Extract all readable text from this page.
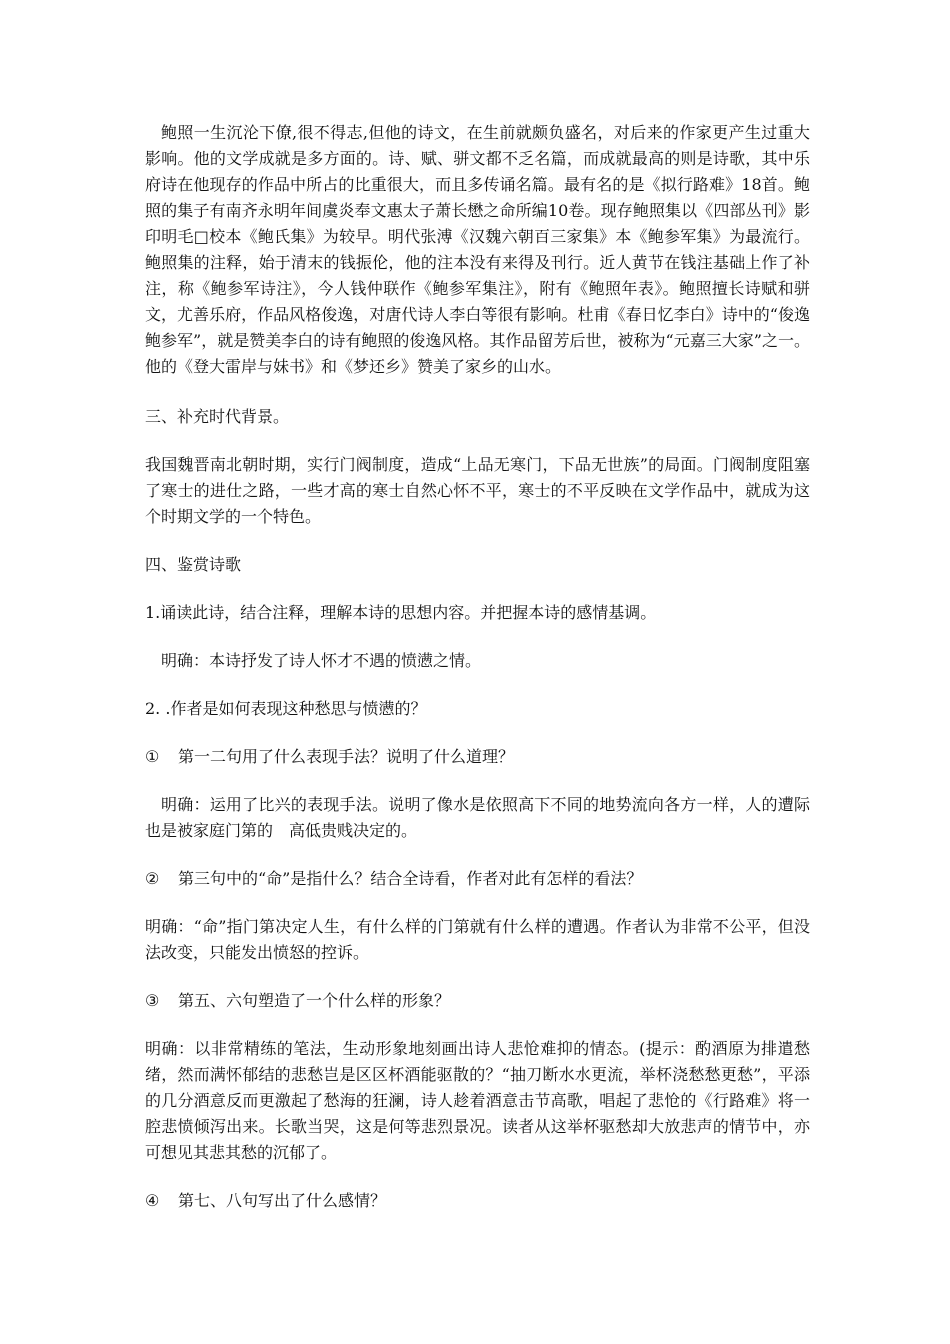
鲍照一生沉沦下僚,很不得志,但他的诗文，在生前就颇负盛名，对后来的作家更产生过重大影响。他的文学成就是多方面的。诗、赋、骈文都不乏名篇，而成就最高的则是诗歌，其中乐府诗在他现存的作品中所占的比重很大，而且多传诵名篇。最有名的是《拟行路难》18首。鲍照的集子有南齐永明年间虞炎奉文惠太子萧长懋之命所编10卷。现存鲍照集以《四部丛刊》影印明毛□校本《鲍氏集》为较早。明代张溥《汉魏六朝百三家集》本《鲍参军集》为最流行。鲍照集的注释，始于清末的钱振伦，他的注本没有来得及刊行。近人黄节在钱注基础上作了补注，称《鲍参军诗注》，今人钱仲联作《鲍参军集注》，附有《鲍照年表》。鲍照擅长诗赋和骈文，尤善乐府，作品风格俊逸，对唐代诗人李白等很有影响。杜甫《春日忆李白》诗中的“俊逸鲍参军”，就是赞美李白的诗有鲍照的俊逸风格。其作品留芳后世，被称为“元嘉三大家”之一。他的《登大雷岸与妹书》和《梦还乡》赞美了家乡的山水。

三、补充时代背景。

我国魏晋南北朝时期，实行门阀制度，造成“上品无寒门，下品无世族”的局面。门阀制度阻塞了寒士的进仕之路，一些才高的寒士自然心怀不平，寒士的不平反映在文学作品中，就成为这个时期文学的一个特色。

四、鉴赏诗歌

1.诵读此诗，结合注释，理解本诗的思想内容。并把握本诗的感情基调。

明确：本诗抒发了诗人怀才不遇的愤懑之情。

2. .作者是如何表现这种愁思与愤懑的？

① 第一二句用了什么表现手法？说明了什么道理？

明确：运用了比兴的表现手法。说明了像水是依照高下不同的地势流向各方一样，人的遭际也是被家庭门第的　高低贵贱决定的。

② 第三句中的“命”是指什么？结合全诗看，作者对此有怎样的看法？

明确：“命”指门第决定人生，有什么样的门第就有什么样的遭遇。作者认为非常不公平，但没法改变，只能发出愤怒的控诉。

③ 第五、六句塑造了一个什么样的形象？

明确：以非常精练的笔法，生动形象地刻画出诗人悲怆难抑的情态。(提示：酌酒原为排遣愁绪，然而满怀郁结的悲愁岂是区区杯酒能驱散的？“抽刀断水水更流，举杯浇愁愁更愁”，平添的几分酒意反而更激起了愁海的狂澜，诗人趁着酒意击节高歌，唱起了悲怆的《行路难》将一腔悲愤倾泻出来。长歌当哭，这是何等悲烈景况。读者从这举杯驱愁却大放悲声的情节中，亦可想见其悲其愁的沉郁了。

④ 第七、八句写出了什么感情？
